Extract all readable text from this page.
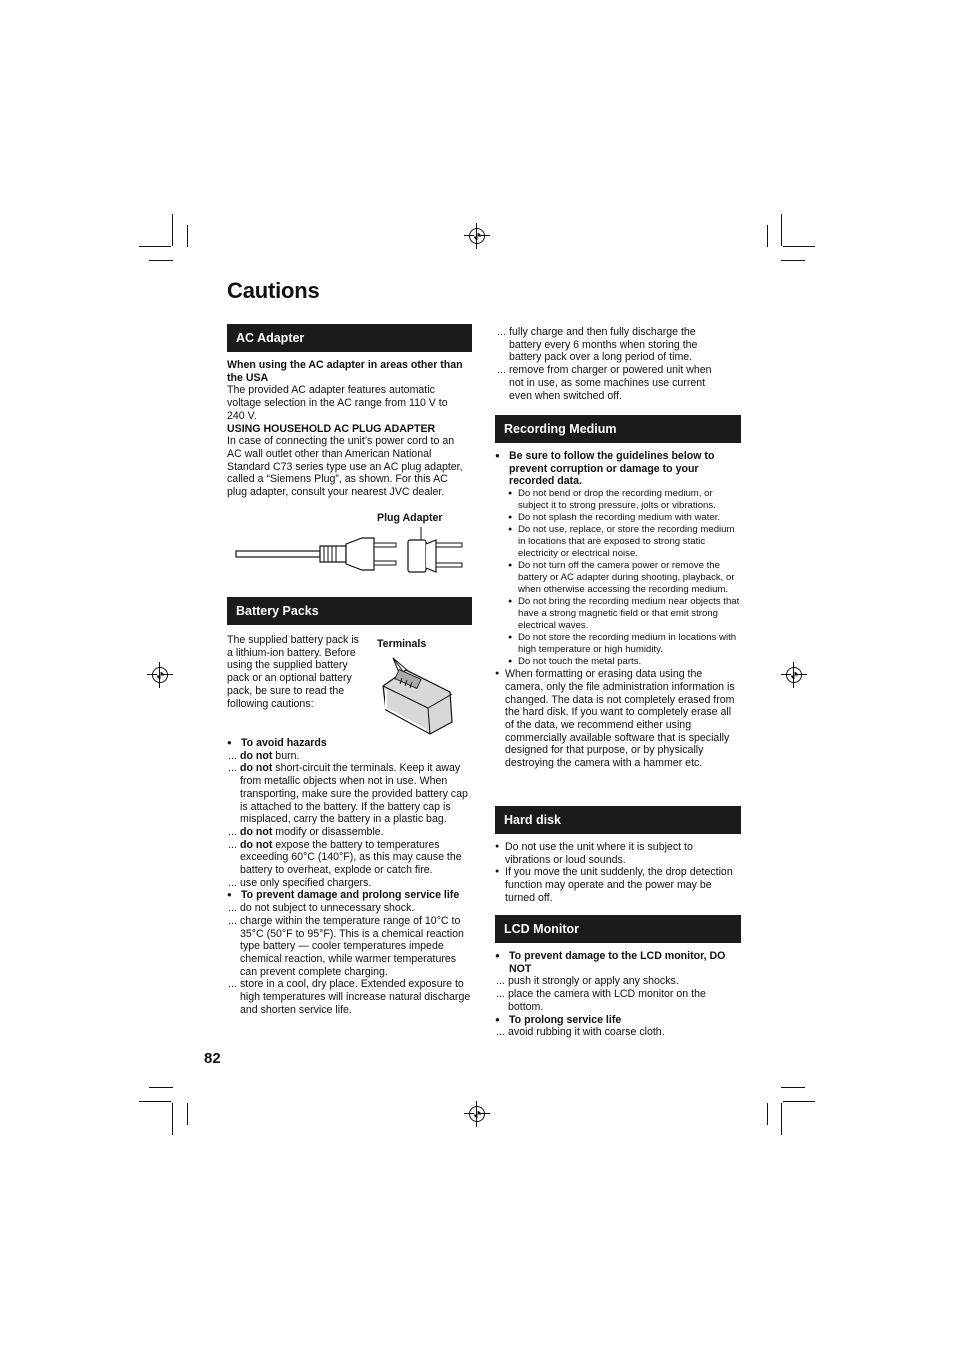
Cautions
AC Adapter

When using the AC adapter in areas other than the USA

The provided AC adapter features automatic voltage selection in the AC range from 110 V to 240 V.

USING HOUSEHOLD AC PLUG ADAPTER

In case of connecting the unit’s power cord to an AC wall outlet other than American National Standard C73 series type use an AC plug adapter, called a “Siemens Plug”, as shown. For this AC plug adapter, consult your nearest JVC dealer.

Plug Adapter
Battery Packs
The supplied battery pack is a lithium-ion battery. Before using the supplied battery pack or an optional battery pack, be sure to read the following cautions:
Terminals

● To avoid hazards

... do not burn.

... do not short-circuit the terminals. Keep it away from metallic objects when not in use. When transporting, make sure the provided battery cap is attached to the battery. If the battery cap is misplaced, carry the battery in a plastic bag.

... do not modify or disassemble.

... do not expose the battery to temperatures exceeding 60°C (140°F), as this may cause the battery to overheat, explode or catch fire.

... use only specified chargers.

● To prevent damage and prolong service life

... do not subject to unnecessary shock.

... charge within the temperature range of 10°C to 35°C (50°F to 95°F). This is a chemical reaction type battery — cooler temperatures impede chemical reaction, while warmer temperatures can prevent complete charging.

... store in a cool, dry place. Extended exposure to high temperatures will increase natural discharge and shorten service life.

... fully charge and then fully discharge the battery every 6 months when storing the battery pack over a long period of time.

... remove from charger or powered unit when not in use, as some machines use current even when switched off.

Recording Medium

● Be sure to follow the guidelines below to prevent corruption or damage to your recorded data.

● Do not bend or drop the recording medium, or subject it to strong pressure, jolts or vibrations.

● Do not splash the recording medium with water.

● Do not use, replace, or store the recording medium in locations that are exposed to strong static electricity or electrical noise.

● Do not turn off the camera power or remove the battery or AC adapter during shooting, playback, or when otherwise accessing the recording medium.

● Do not bring the recording medium near objects that have a strong magnetic field or that emit strong electrical waves.

● Do not store the recording medium in locations with high temperature or high humidity.

● Do not touch the metal parts.

● When formatting or erasing data using the camera, only the file administration information is changed. The data is not completely erased from the hard disk. If you want to completely erase all of the data, we recommend either using commercially available software that is specially designed for that purpose, or by physically destroying the camera with a hammer etc.

Hard disk

● Do not use the unit where it is subject to vibrations or loud sounds.

● If you move the unit suddenly, the drop detection function may operate and the power may be turned off.

LCD Monitor

● To prevent damage to the LCD monitor, DO NOT

... push it strongly or apply any shocks.

... place the camera with LCD monitor on the bottom.

● To prolong service life

... avoid rubbing it with coarse cloth.

82
